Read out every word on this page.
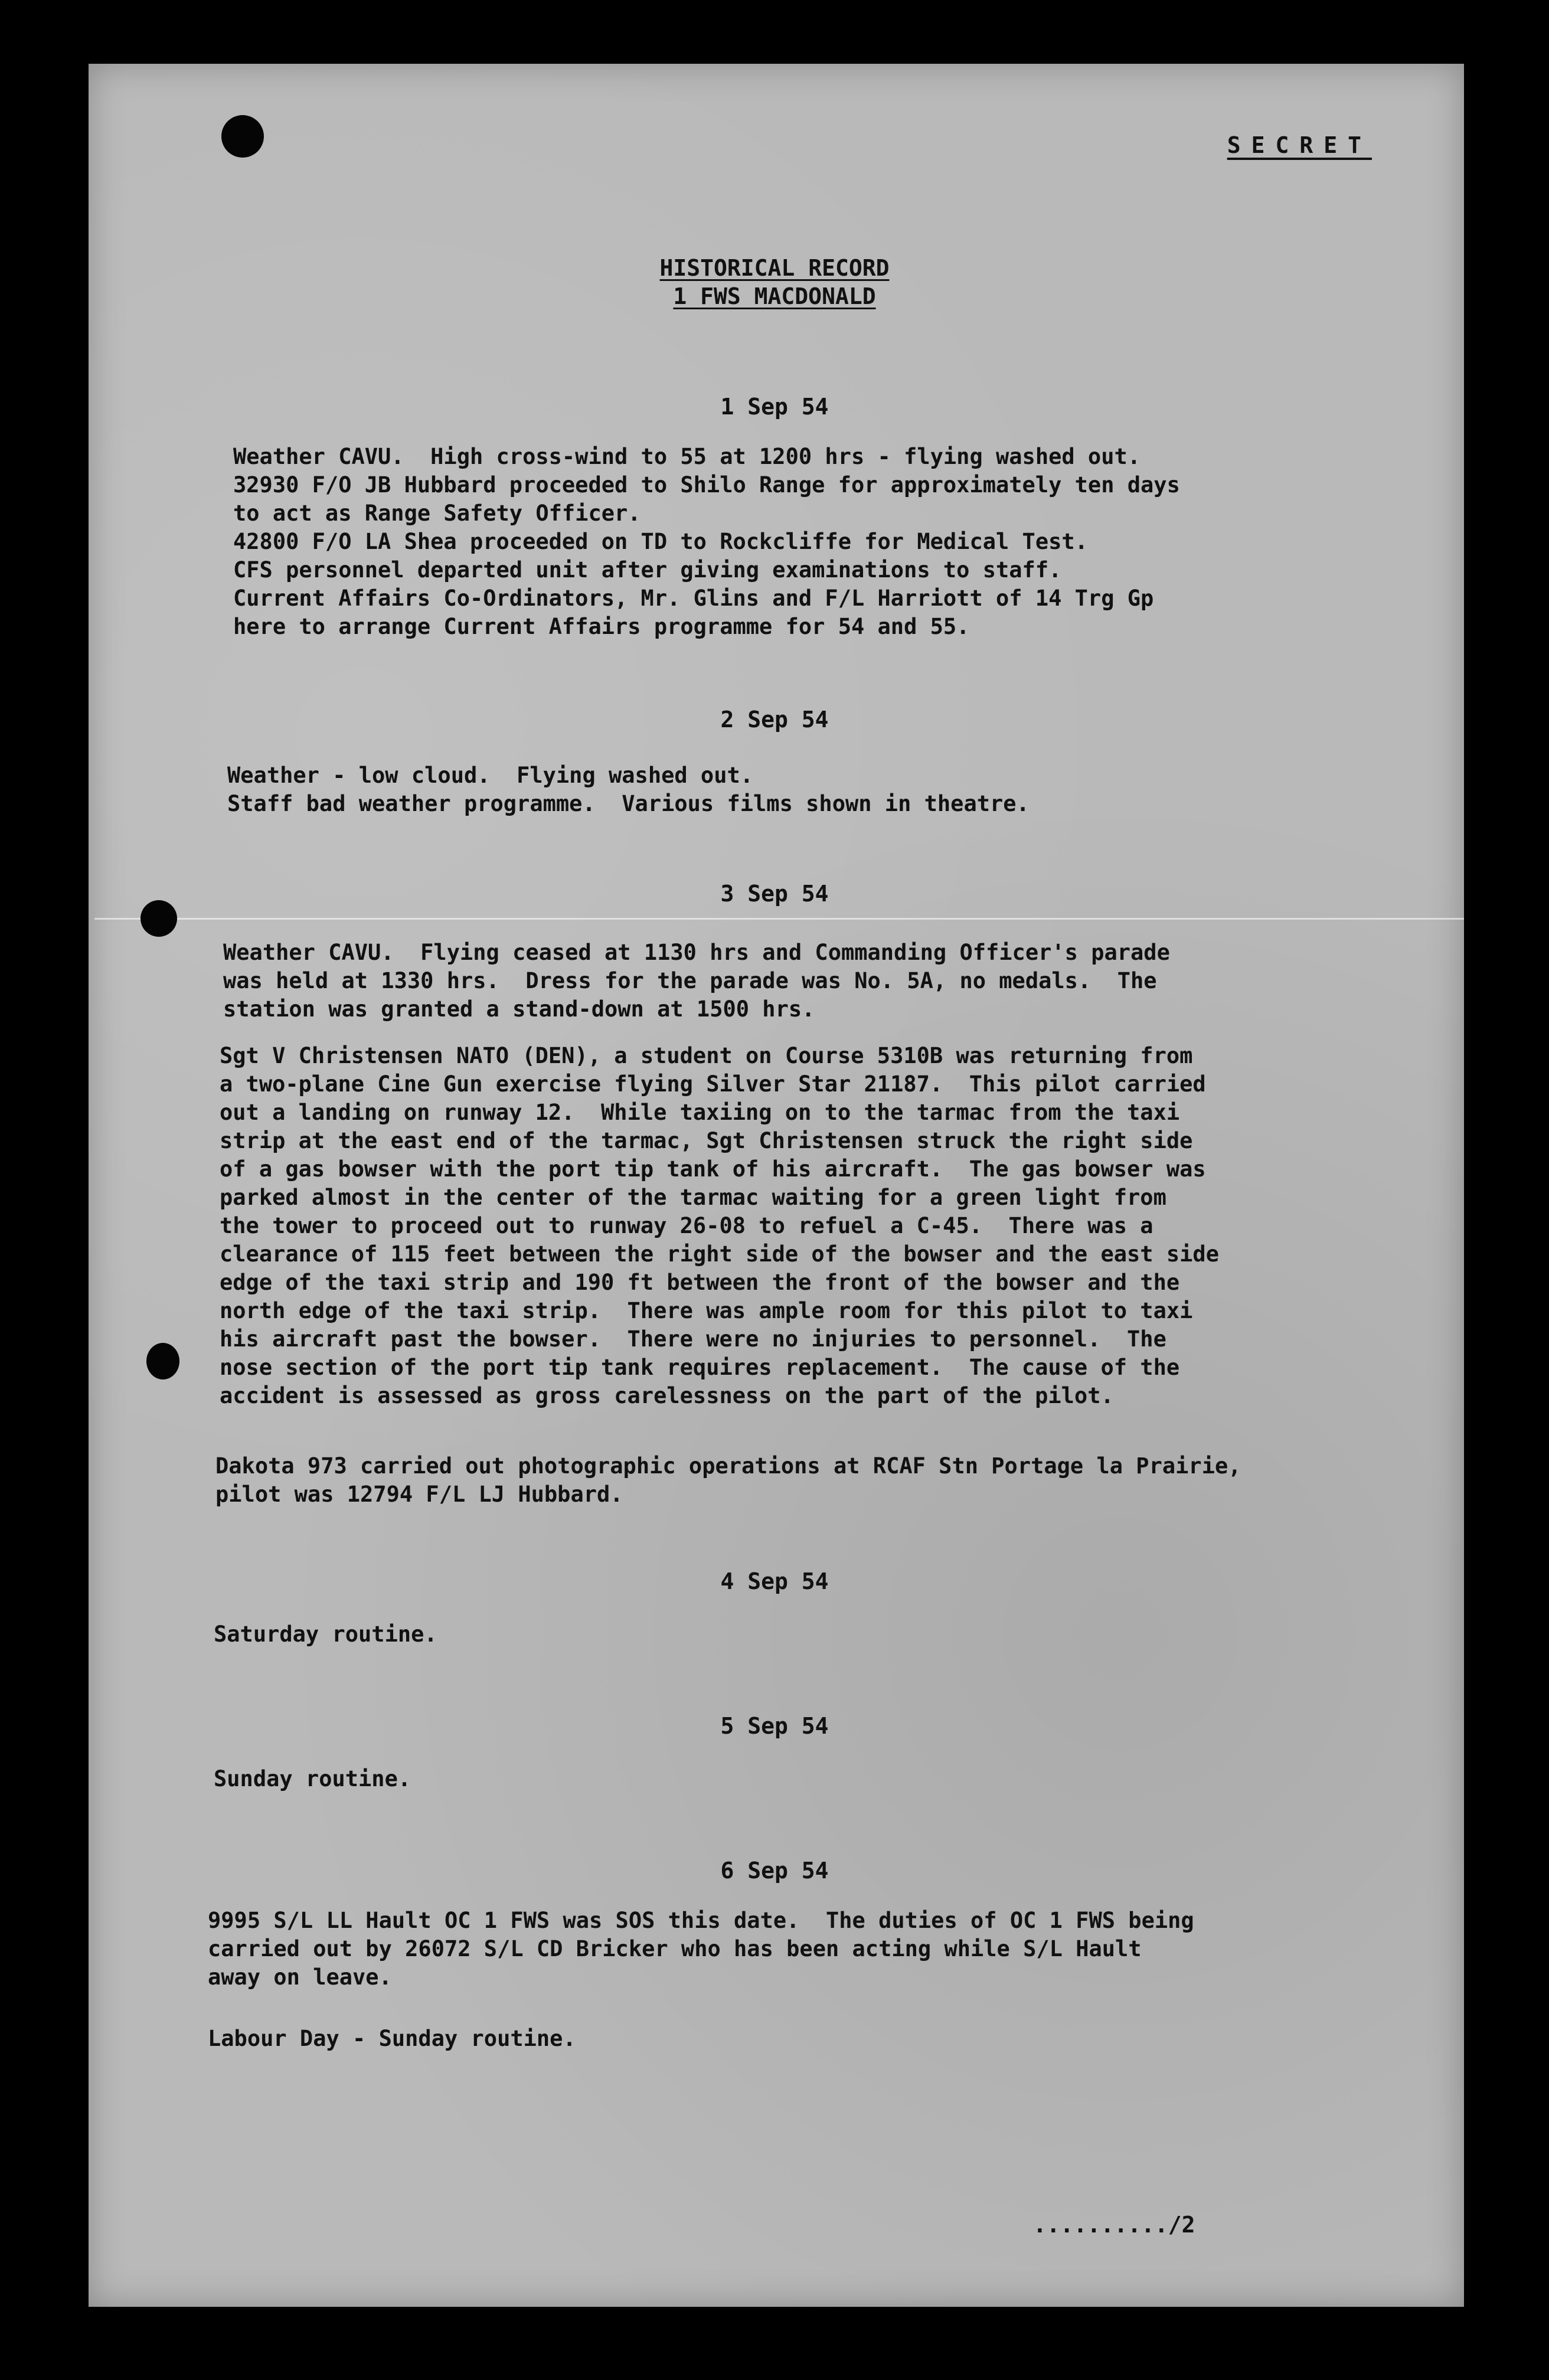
SECRET
HISTORICAL RECORD
1 FWS MACDONALD
1 Sep 54
Weather CAVU.  High cross-wind to 55 at 1200 hrs - flying washed out.
32930 F/O JB Hubbard proceeded to Shilo Range for approximately ten days
to act as Range Safety Officer.
42800 F/O LA Shea proceeded on TD to Rockcliffe for Medical Test.
CFS personnel departed unit after giving examinations to staff.
Current Affairs Co-Ordinators, Mr. Glins and F/L Harriott of 14 Trg Gp
here to arrange Current Affairs programme for 54 and 55.
2 Sep 54
Weather - low cloud.  Flying washed out.
Staff bad weather programme.  Various films shown in theatre.
3 Sep 54
Weather CAVU.  Flying ceased at 1130 hrs and Commanding Officer's parade
was held at 1330 hrs.  Dress for the parade was No. 5A, no medals.  The
station was granted a stand-down at 1500 hrs.
Sgt V Christensen NATO (DEN), a student on Course 5310B was returning from
a two-plane Cine Gun exercise flying Silver Star 21187.  This pilot carried
out a landing on runway 12.  While taxiing on to the tarmac from the taxi
strip at the east end of the tarmac, Sgt Christensen struck the right side
of a gas bowser with the port tip tank of his aircraft.  The gas bowser was
parked almost in the center of the tarmac waiting for a green light from
the tower to proceed out to runway 26-08 to refuel a C-45.  There was a
clearance of 115 feet between the right side of the bowser and the east side
edge of the taxi strip and 190 ft between the front of the bowser and the
north edge of the taxi strip.  There was ample room for this pilot to taxi
his aircraft past the bowser.  There were no injuries to personnel.  The
nose section of the port tip tank requires replacement.  The cause of the
accident is assessed as gross carelessness on the part of the pilot.
Dakota 973 carried out photographic operations at RCAF Stn Portage la Prairie,
pilot was 12794 F/L LJ Hubbard.
4 Sep 54
Saturday routine.
5 Sep 54
Sunday routine.
6 Sep 54
9995 S/L LL Hault OC 1 FWS was SOS this date.  The duties of OC 1 FWS being
carried out by 26072 S/L CD Bricker who has been acting while S/L Hault
away on leave.
Labour Day - Sunday routine.
........../2
